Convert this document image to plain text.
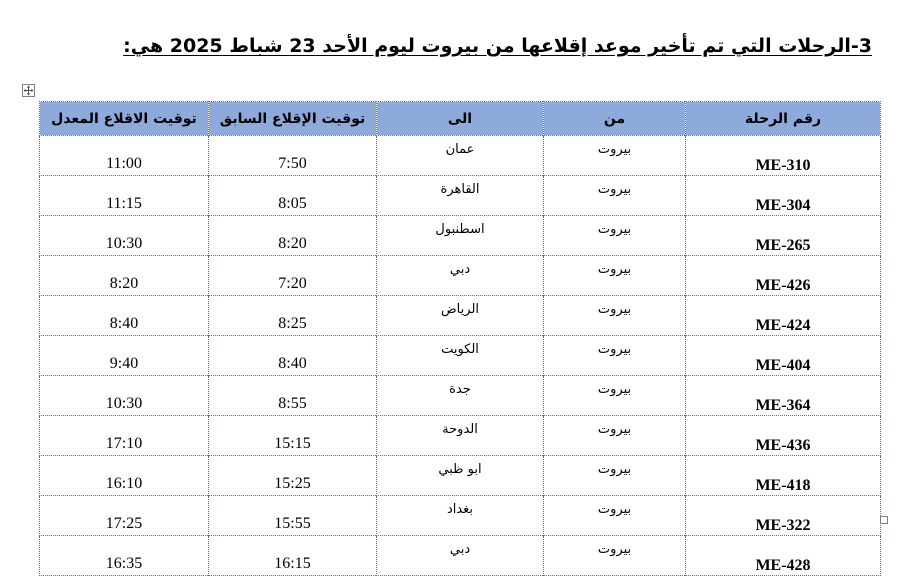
3-الرحلات التي تم تأخير موعد إقلاعها من بيروت ليوم الأحد 23 شباط 2025 هي:
رقم الرحلة	من	الى	توقيت الإقلاع السابق	توقيت الاقلاع المعدل
ME-310	بيروت	عمان	7:50	11:00
ME-304	بيروت	القاهرة	8:05	11:15
ME-265	بيروت	اسطنبول	8:20	10:30
ME-426	بيروت	دبي	7:20	8:20
ME-424	بيروت	الرياض	8:25	8:40
ME-404	بيروت	الكويت	8:40	9:40
ME-364	بيروت	جدة	8:55	10:30
ME-436	بيروت	الدوحة	15:15	17:10
ME-418	بيروت	ابو ظبي	15:25	16:10
ME-322	بيروت	بغداد	15:55	17:25
ME-428	بيروت	دبي	16:15	16:35
